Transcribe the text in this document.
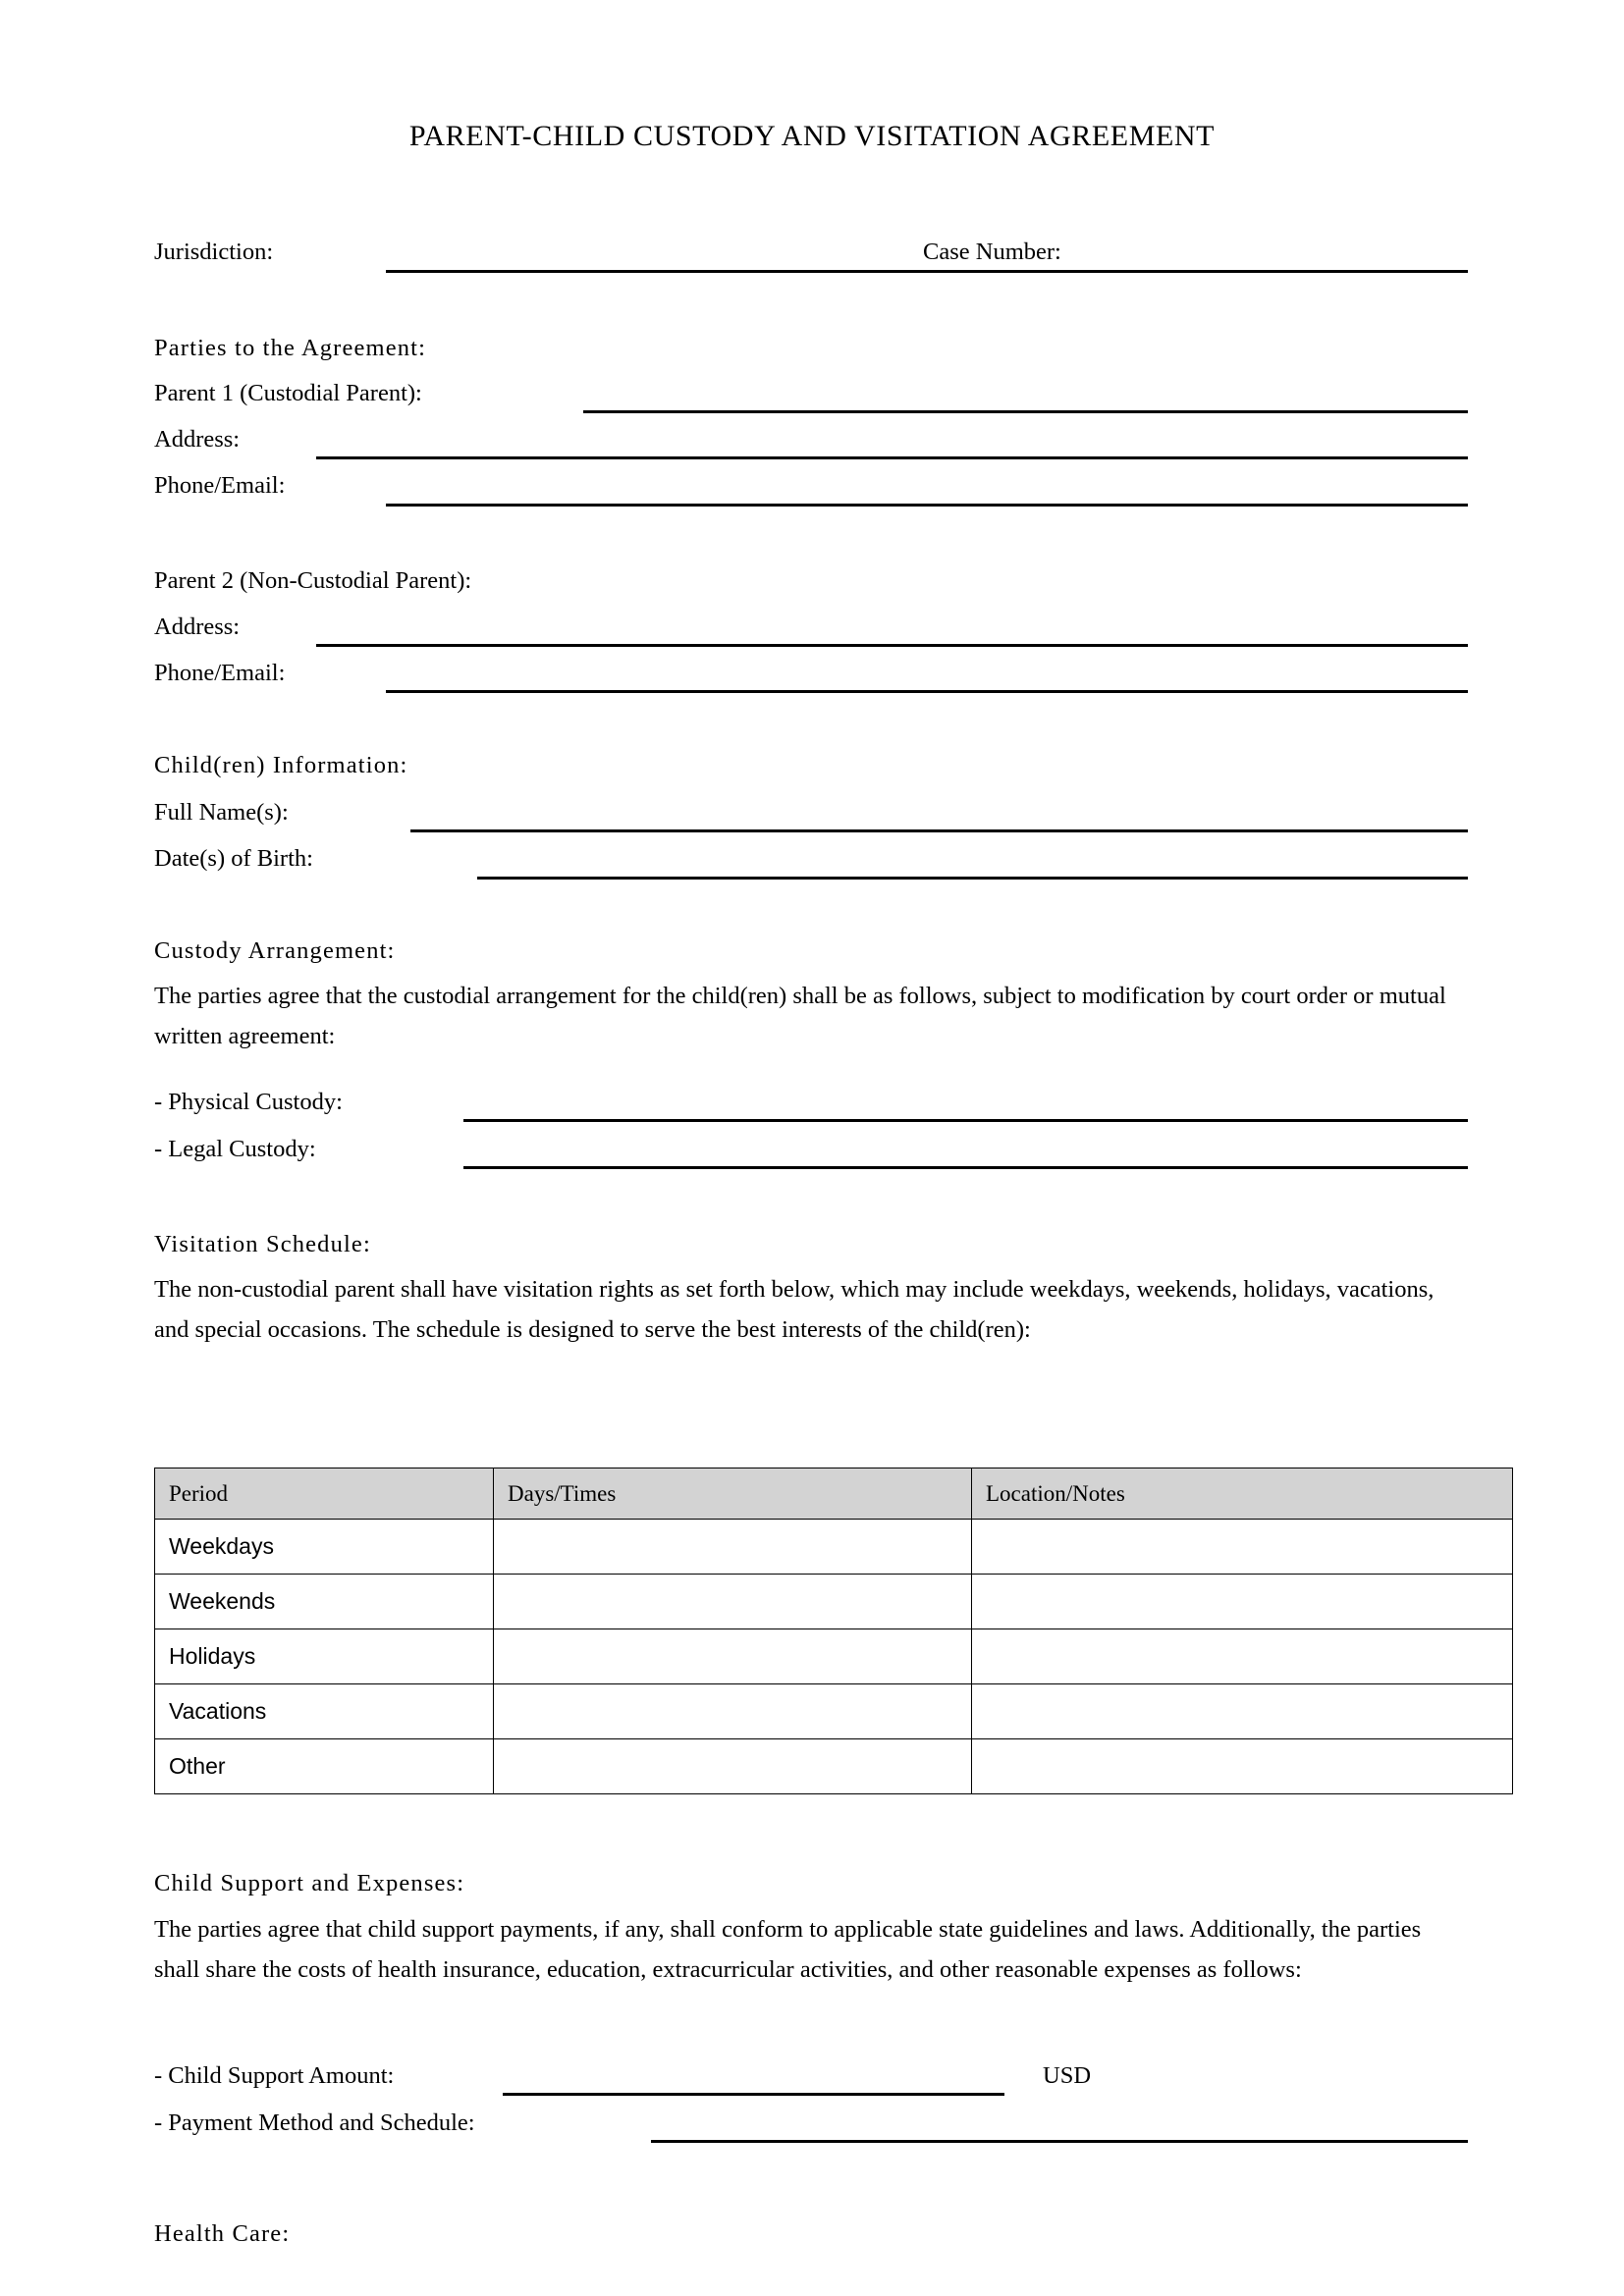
PARENT-CHILD CUSTODY AND VISITATION AGREEMENT
Jurisdiction:	Case Number:
Parties to the Agreement:
Parent 1 (Custodial Parent):
Address:
Phone/Email:
Parent 2 (Non-Custodial Parent):
Address:
Phone/Email:
Child(ren) Information:
Full Name(s):
Date(s) of Birth:
Custody Arrangement:
The parties agree that the custodial arrangement for the child(ren) shall be as follows, subject to modification by court order or mutual written agreement:
- Physical Custody:
- Legal Custody:
Visitation Schedule:
The non-custodial parent shall have visitation rights as set forth below, which may include weekdays, weekends, holidays, vacations, and special occasions. The schedule is designed to serve the best interests of the child(ren):
Period	Days/Times	Location/Notes
Weekdays		
Weekends		
Holidays		
Vacations		
Other		
Child Support and Expenses:
The parties agree that child support payments, if any, shall conform to applicable state guidelines and laws. Additionally, the parties shall share the costs of health insurance, education, extracurricular activities, and other reasonable expenses as follows:
- Child Support Amount:	USD
- Payment Method and Schedule:
Health Care:
